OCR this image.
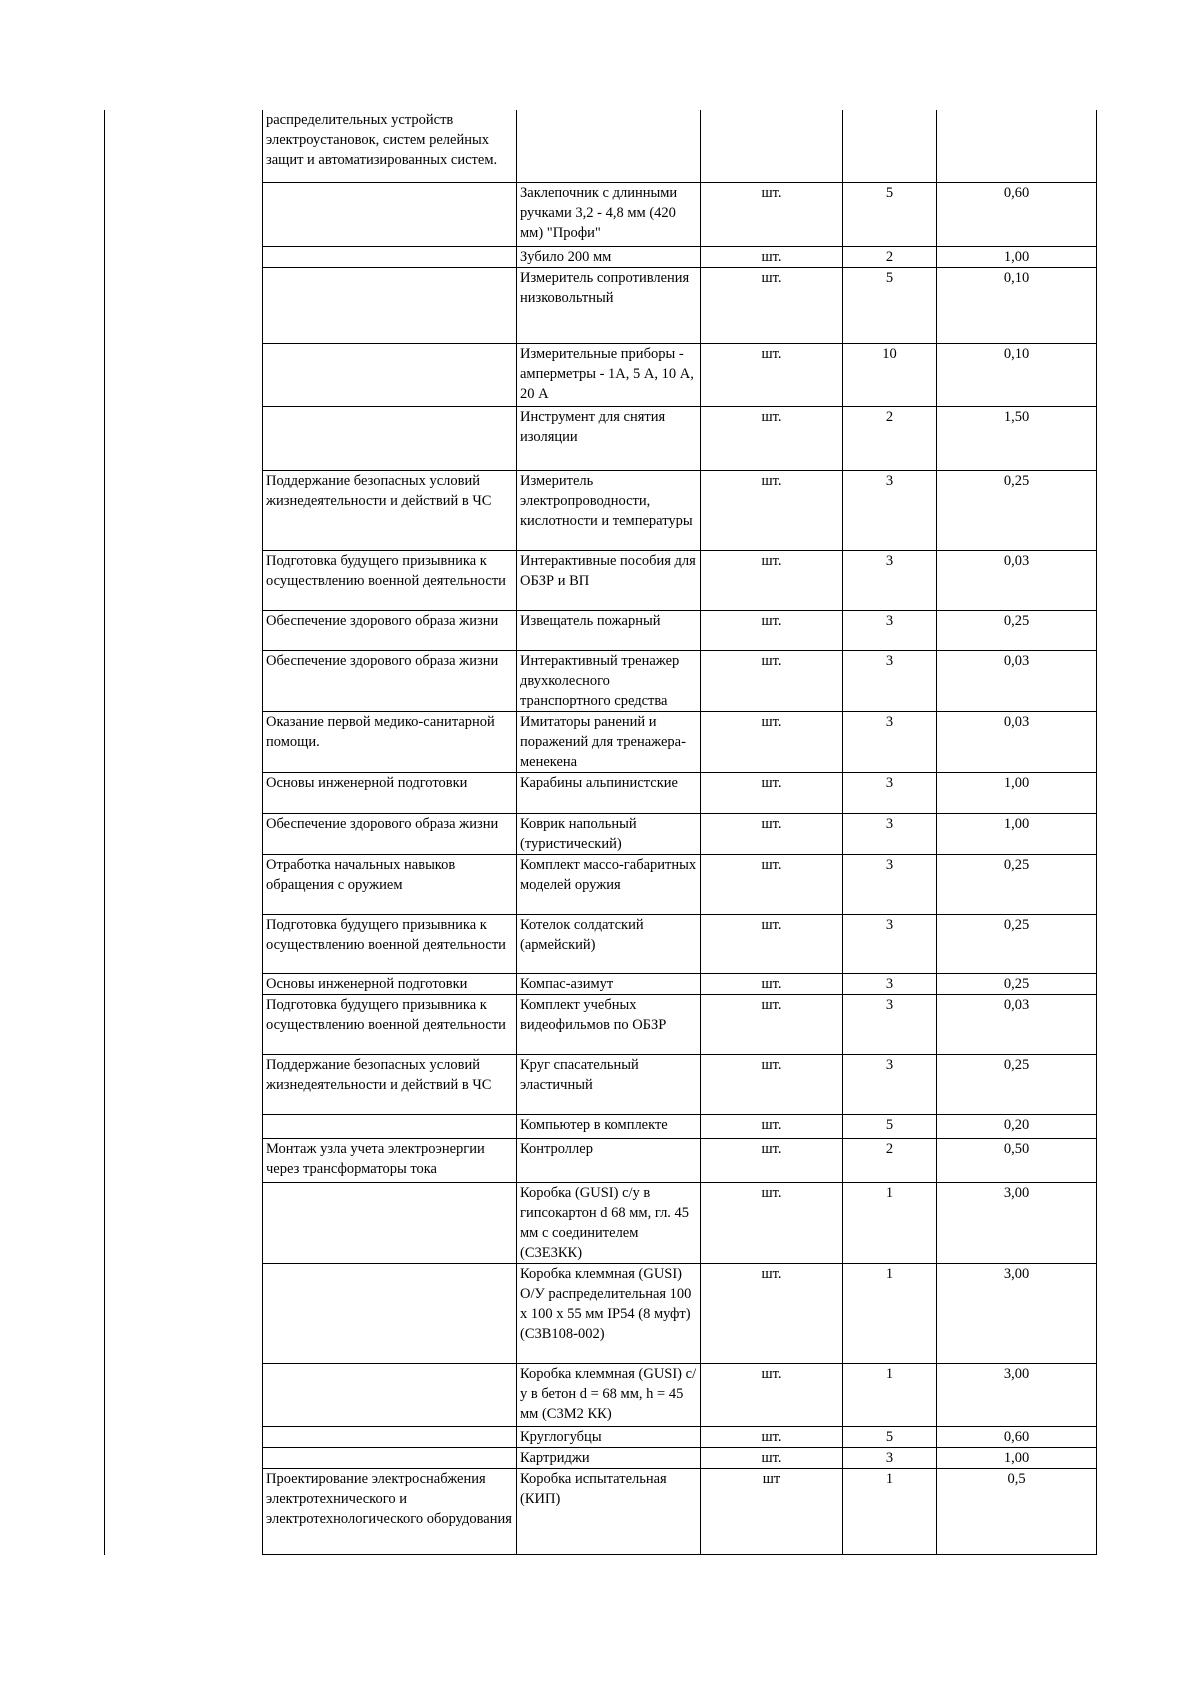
распределительных устройств электроустановок, систем релейных защит и автоматизированных систем.				
	Заклепочник с длинными ручками 3,2 - 4,8 мм (420 мм) "Профи"	шт.	5	0,60
	Зубило 200 мм	шт.	2	1,00
	Измеритель сопротивления низковольтный	шт.	5	0,10
	Измерительные приборы - амперметры - 1А, 5 А, 10 А, 20 А	шт.	10	0,10
	Инструмент для снятия изоляции	шт.	2	1,50
Поддержание безопасных условий жизнедеятельности и действий в ЧС	Измеритель электропроводности, кислотности и температуры	шт.	3	0,25
Подготовка будущего призывника к осуществлению военной деятельности	Интерактивные пособия для ОБЗР и ВП	шт.	3	0,03
Обеспечение здорового образа жизни	Извещатель пожарный	шт.	3	0,25
Обеспечение здорового образа жизни	Интерактивный тренажер двухколесного транспортного средства	шт.	3	0,03
Оказание первой медико-санитарной помощи.	Имитаторы ранений и поражений для тренажера-менекена	шт.	3	0,03
Основы инженерной подготовки	Карабины альпинистские	шт.	3	1,00
Обеспечение здорового образа жизни	Коврик напольный (туристический)	шт.	3	1,00
Отработка начальных навыков обращения с оружием	Комплект массо-габаритных моделей оружия	шт.	3	0,25
Подготовка будущего призывника к осуществлению военной деятельности	Котелок солдатский (армейский)	шт.	3	0,25
Основы инженерной подготовки	Компас-азимут	шт.	3	0,25
Подготовка будущего призывника к осуществлению военной деятельности	Комплект учебных видеофильмов по ОБЗР	шт.	3	0,03
Поддержание безопасных условий жизнедеятельности и действий в ЧС	Круг спасательный эластичный	шт.	3	0,25
	Компьютер в комплекте	шт.	5	0,20
Монтаж узла учета электроэнергии через трансформаторы тока	Контроллер	шт.	2	0,50
	Коробка (GUSI) с/у в гипсокартон d 68 мм, гл. 45 мм с соединителем (С3Е3КК)	шт.	1	3,00
	Коробка клеммная (GUSI) О/У распределительная 100 х 100 х 55 мм IP54 (8 муфт) (С3В108-002)	шт.	1	3,00
	Коробка клеммная (GUSI) с/у в бетон d = 68 мм, h = 45 мм (С3М2 КК)	шт.	1	3,00
	Круглогубцы	шт.	5	0,60
	Картриджи	шт.	3	1,00
Проектирование электроснабжения электротехнического и электротехнологического оборудования	Коробка испытательная (КИП)	шт	1	0,5
